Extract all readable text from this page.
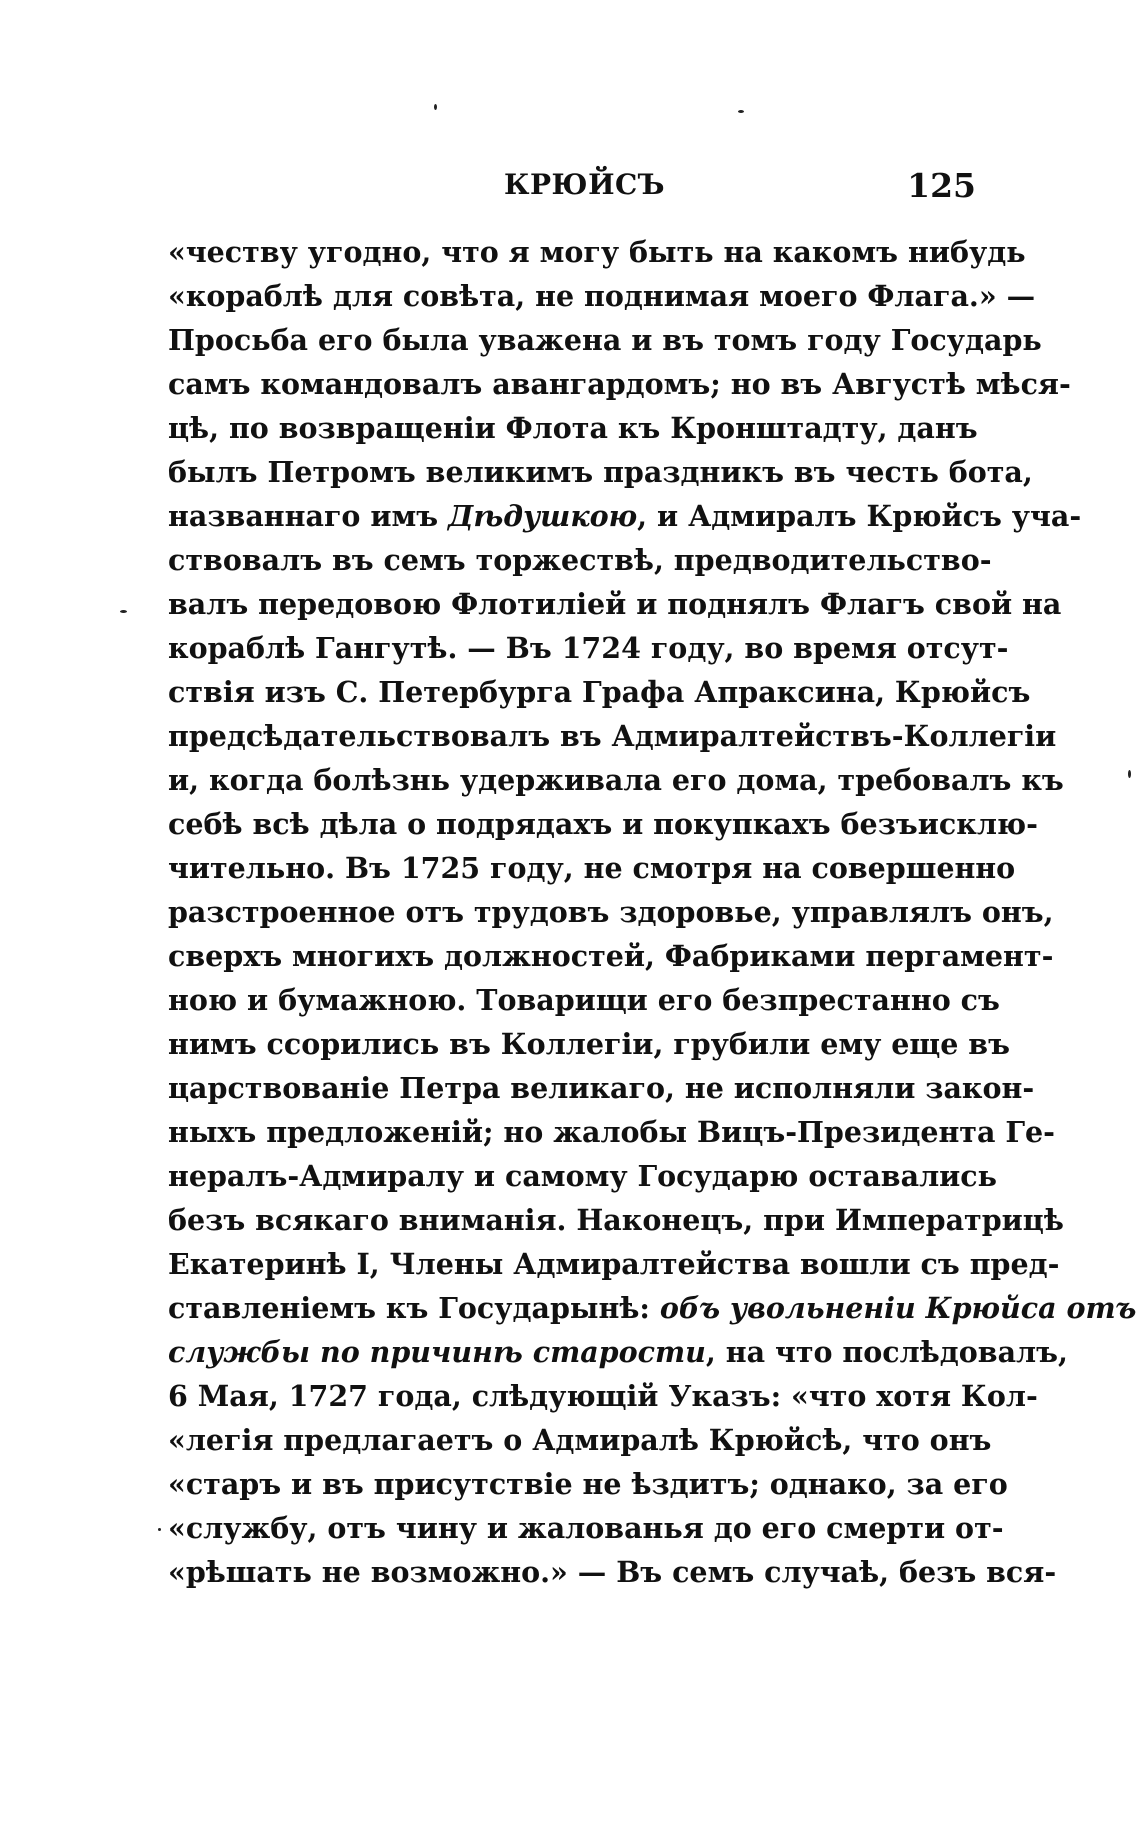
КРЮЙСЪ	125
«честву угодно, что я могу быть на какомъ нибудь
«кораблѣ для совѣта, не поднимая моего Флага.» —
Просьба его была уважена и въ томъ году Государь
самъ командовалъ авангардомъ; но въ Августѣ мѣся-
цѣ, по возвращеніи Флота къ Кронштадту, данъ
былъ Петромъ великимъ праздникъ въ честь бота,
названнаго имъ Дѣдушкою, и Адмиралъ Крюйсъ уча-
ствовалъ въ семъ торжествѣ, предводительство-
валъ передовою Флотиліей и поднялъ Флагъ свой на
кораблѣ Гангутѣ. — Въ 1724 году, во время отсут-
ствія изъ С. Петербурга Графа Апраксина, Крюйсъ
предсѣдательствовалъ въ Адмиралтействъ-Коллегіи
и, когда болѣзнь удерживала его дома, требовалъ къ
себѣ всѣ дѣла о подрядахъ и покупкахъ безъисклю-
чительно. Въ 1725 году, не смотря на совершенно
разстроенное отъ трудовъ здоровье, управлялъ онъ,
сверхъ многихъ должностей, Фабриками пергамент-
ною и бумажною. Товарищи его безпрестанно съ
нимъ ссорились въ Коллегіи, грубили ему еще въ
царствованіе Петра великаго, не исполняли закон-
ныхъ предложеній; но жалобы Вицъ-Президента Ге-
нералъ-Адмиралу и самому Государю оставались
безъ всякаго вниманія. Наконецъ, при Императрицѣ
Екатеринѣ I, Члены Адмиралтейства вошли съ пред-
ставленіемъ къ Государынѣ: объ увольненіи Крюйса отъ
службы по причинѣ старости, на что послѣдовалъ,
6 Мая, 1727 года, слѣдующій Указъ: «что хотя Кол-
«легія предлагаетъ о Адмиралѣ Крюйсѣ, что онъ
«старъ и въ присутствіе не ѣздитъ; однако, за его
«службу, отъ чину и жалованья до его смерти от-
«рѣшать не возможно.» — Въ семъ случаѣ, безъ вся-
